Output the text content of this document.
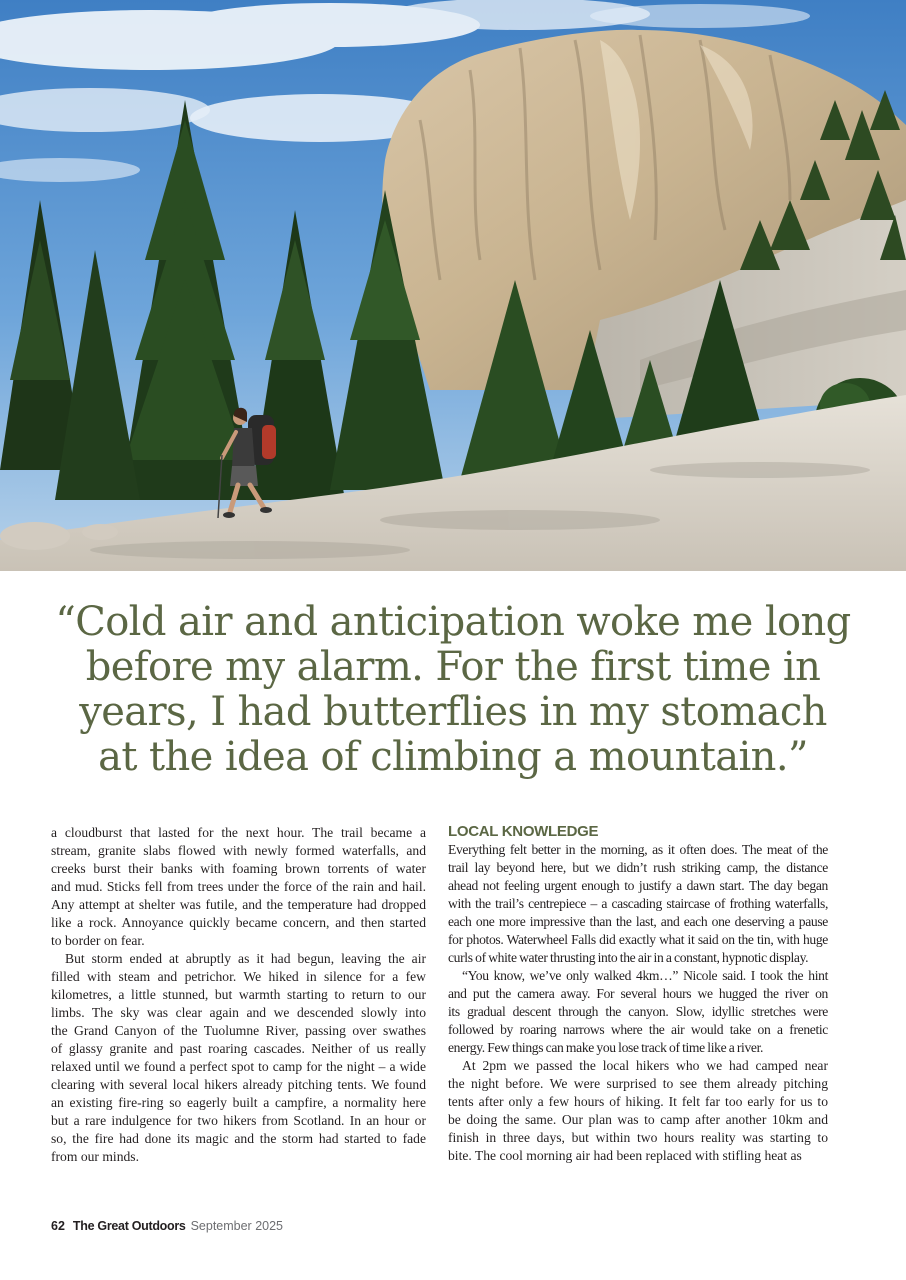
“Cold air and anticipation woke me long

before my alarm. For the first time in

years, I had butterflies in my stomach

at the idea of climbing a mountain.”

a cloudburst that lasted for the next hour. The trail became a
stream, granite slabs flowed with newly formed waterfalls, and
creeks burst their banks with foaming brown torrents of water
and mud. Sticks fell from trees under the force of the rain and hail.
Any attempt at shelter was futile, and the temperature had dropped
like a rock. Annoyance quickly became concern, and then started
to border on fear.

But storm ended at abruptly as it had begun, leaving the air
filled with steam and petrichor. We hiked in silence for a few
kilometres, a little stunned, but warmth starting to return to our
limbs. The sky was clear again and we descended slowly into
the Grand Canyon of the Tuolumne River, passing over swathes
of glassy granite and past roaring cascades. Neither of us really
relaxed until we found a perfect spot to camp for the night – a wide
clearing with several local hikers already pitching tents. We found
an existing fire-ring so eagerly built a campfire, a normality here
but a rare indulgence for two hikers from Scotland. In an hour or
so, the fire had done its magic and the storm had started to fade
from our minds.

LOCAL KNOWLEDGE

Everything felt better in the morning, as it often does. The meat of the
trail lay beyond here, but we didn’t rush striking camp, the distance
ahead not feeling urgent enough to justify a dawn start. The day began
with the trail’s centrepiece – a cascading staircase of frothing waterfalls,
each one more impressive than the last, and each one deserving a pause
for photos. Waterwheel Falls did exactly what it said on the tin, with huge
curls of white water thrusting into the air in a constant, hypnotic display.

“You know, we’ve only walked 4km…” Nicole said. I took the hint
and put the camera away. For several hours we hugged the river on
its gradual descent through the canyon. Slow, idyllic stretches were
followed by roaring narrows where the air would take on a frenetic
energy. Few things can make you lose track of time like a river.

At 2pm we passed the local hikers who we had camped near
the night before. We were surprised to see them already pitching
tents after only a few hours of hiking. It felt far too early for us to
be doing the same. Our plan was to camp after another 10km and
finish in three days, but within two hours reality was starting to
bite. The cool morning air had been replaced with stifling heat as

62 The Great Outdoors September 2025
